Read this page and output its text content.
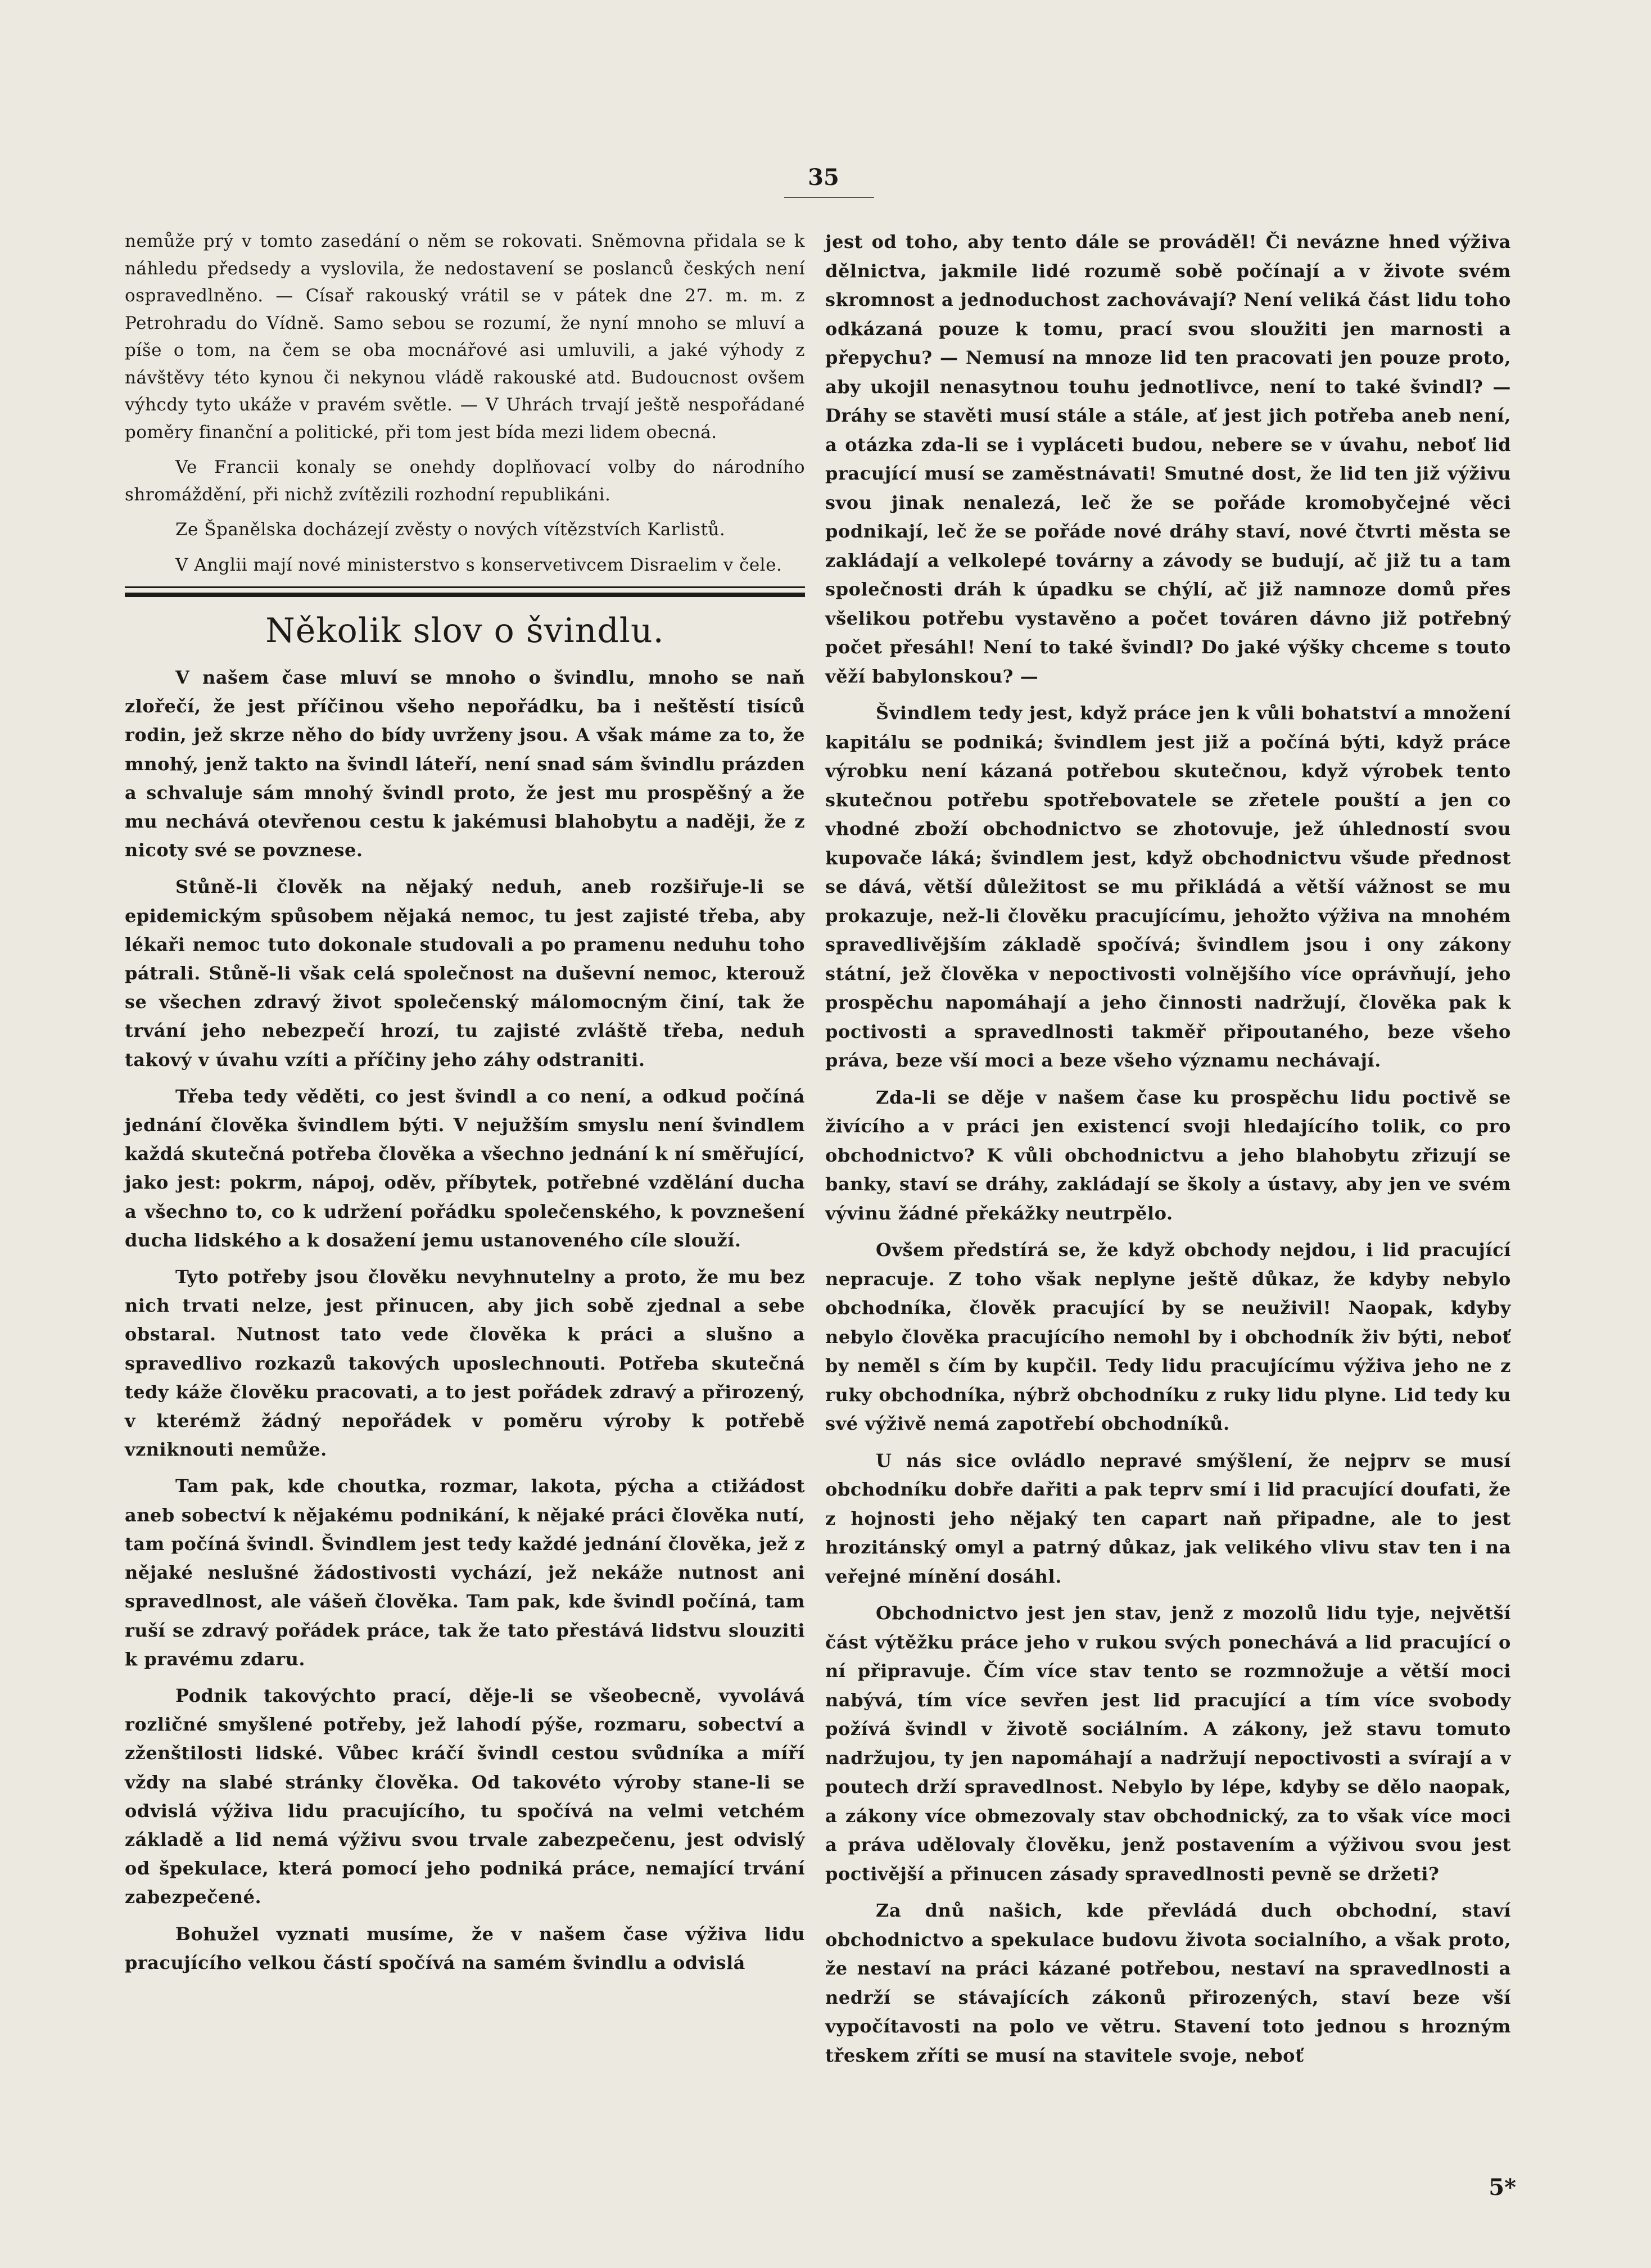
35

nemůže prý v tomto zasedání o něm se rokovati. Sněmovna přidala se k náhledu předsedy a vyslovila, že nedostavení se poslanců českých není ospravedlněno. — Císař rakouský vrátil se v pátek dne 27. m. m. z Petrohradu do Vídně. Samo sebou se rozumí, že nyní mnoho se mluví a píše o tom, na čem se oba mocnářové asi umluvili, a jaké výhody z návštěvy této kynou či nekynou vládě rakouské atd. Budoucnost ovšem výhcdy tyto ukáže v pravém světle. — V Uhrách trvají ještě nespořádané poměry finanční a politické, při tom jest bída mezi lidem obecná.

Ve Francii konaly se onehdy doplňovací volby do národního shromáždění, při nichž zvítězili rozhodní republikáni.

Ze Španělska docházejí zvěsty o nových vítězstvích Karlistů.

V Anglii mají nové ministerstvo s konservetivcem Disraelim v čele.

Několik slov o švindlu.

V našem čase mluví se mnoho o švindlu, mnoho se naň zlořečí, že jest příčinou všeho nepořádku, ba i neštěstí tisíců rodin, jež skrze něho do bídy uvrženy jsou. A však máme za to, že mnohý, jenž takto na švindl láteří, není snad sám švindlu prázden a schvaluje sám mnohý švindl proto, že jest mu prospěšný a že mu nechává otevřenou cestu k jakémusi blahobytu a naději, že z nicoty své se povznese.

Stůně-li člověk na nějaký neduh, aneb rozšiřuje-li se epidemickým spůsobem nějaká nemoc, tu jest zajisté třeba, aby lékaři nemoc tuto dokonale studovali a po pramenu neduhu toho pátrali. Stůně-li však celá společnost na duševní nemoc, kterouž se všechen zdravý život společenský málomocným činí, tak že trvání jeho nebezpečí hrozí, tu zajisté zvláště třeba, neduh takový v úvahu vzíti a příčiny jeho záhy odstraniti.

Třeba tedy věděti, co jest švindl a co není, a odkud počíná jednání člověka švindlem býti. V nejužším smyslu není švindlem každá skutečná potřeba člověka a všechno jednání k ní směřující, jako jest: pokrm, nápoj, oděv, příbytek, potřebné vzdělání ducha a všechno to, co k udržení pořádku společenského, k povznešení ducha lidského a k dosažení jemu ustanoveného cíle slouží.

Tyto potřeby jsou člověku nevyhnutelny a proto, že mu bez nich trvati nelze, jest přinucen, aby jich sobě zjednal a sebe obstaral. Nutnost tato vede člověka k práci a slušno a spravedlivo rozkazů takových uposlechnouti. Potřeba skutečná tedy káže člověku pracovati, a to jest pořádek zdravý a přirozený, v kterémž žádný nepořádek v poměru výroby k potřebě vzniknouti nemůže.

Tam pak, kde choutka, rozmar, lakota, pýcha a ctižádost aneb sobectví k nějakému podnikání, k nějaké práci člověka nutí, tam počíná švindl. Švindlem jest tedy každé jednání člověka, jež z nějaké neslušné žádostivosti vychází, jež nekáže nutnost ani spravedlnost, ale vášeň člověka. Tam pak, kde švindl počíná, tam ruší se zdravý pořádek práce, tak že tato přestává lidstvu slouziti k pravému zdaru.

Podnik takovýchto prací, děje-li se všeobecně, vyvolává rozličné smyšlené potřeby, jež lahodí pýše, rozmaru, sobectví a zženštilosti lidské. Vůbec kráčí švindl cestou svůdníka a míří vždy na slabé stránky člověka. Od takovéto výroby stane-li se odvislá výživa lidu pracujícího, tu spočívá na velmi vetchém základě a lid nemá výživu svou trvale zabezpečenu, jest odvislý od špekulace, která pomocí jeho podniká práce, nemající trvání zabezpečené.

Bohužel vyznati musíme, že v našem čase výživa lidu pracujícího velkou částí spočívá na samém švindlu a odvislá

jest od toho, aby tento dále se prováděl! Či nevázne hned výživa dělnictva, jakmile lidé rozumě sobě počínají a v živote svém skromnost a jednoduchost zachovávají? Není veliká část lidu toho odkázaná pouze k tomu, prací svou sloužiti jen marnosti a přepychu? — Nemusí na mnoze lid ten pracovati jen pouze proto, aby ukojil nenasytnou touhu jednotlivce, není to také švindl? — Dráhy se stavěti musí stále a stále, ať jest jich potřeba aneb není, a otázka zda-li se i vypláceti budou, nebere se v úvahu, neboť lid pracující musí se zaměstnávati! Smutné dost, že lid ten již výživu svou jinak nenalezá, leč že se pořáde kromobyčejné věci podnikají, leč že se pořáde nové dráhy staví, nové čtvrti města se zakládají a velkolepé továrny a závody se budují, ač již tu a tam společnosti dráh k úpadku se chýlí, ač již namnoze domů přes všelikou potřebu vystavěno a počet továren dávno již potřebný počet přesáhl! Není to také švindl? Do jaké výšky chceme s touto věží babylonskou? —

Švindlem tedy jest, když práce jen k vůli bohatství a množení kapitálu se podniká; švindlem jest již a počíná býti, když práce výrobku není kázaná potřebou skutečnou, když výrobek tento skutečnou potřebu spotřebovatele se zřetele pouští a jen co vhodné zboží obchodnictvo se zhotovuje, jež úhledností svou kupovače láká; švindlem jest, když obchodnictvu všude přednost se dává, větší důležitost se mu přikládá a větší vážnost se mu prokazuje, než-li člověku pracujícímu, jehožto výživa na mnohém spravedlivějším základě spočívá; švindlem jsou i ony zákony státní, jež člověka v nepoctivosti volnějšího více oprávňují, jeho prospěchu napomáhají a jeho činnosti nadržují, člověka pak k poctivosti a spravedlnosti takměř připoutaného, beze všeho práva, beze vší moci a beze všeho významu nechávají.

Zda-li se děje v našem čase ku prospěchu lidu poctivě se živícího a v práci jen existencí svoji hledajícího tolik, co pro obchodnictvo? K vůli obchodnictvu a jeho blahobytu zřizují se banky, staví se dráhy, zakládají se školy a ústavy, aby jen ve svém vývinu žádné překážky neutrpělo.

Ovšem předstírá se, že když obchody nejdou, i lid pracující nepracuje. Z toho však neplyne ještě důkaz, že kdyby nebylo obchodníka, člověk pracující by se neuživil! Naopak, kdyby nebylo člověka pracujícího nemohl by i obchodník živ býti, neboť by neměl s čím by kupčil. Tedy lidu pracujícímu výživa jeho ne z ruky obchodníka, nýbrž obchodníku z ruky lidu plyne. Lid tedy ku své výživě nemá zapotřebí obchodníků.

U nás sice ovládlo nepravé smýšlení, že nejprv se musí obchodníku dobře dařiti a pak teprv smí i lid pracující doufati, že z hojnosti jeho nějaký ten capart naň připadne, ale to jest hrozitánský omyl a patrný důkaz, jak velikého vlivu stav ten i na veřejné mínění dosáhl.

Obchodnictvo jest jen stav, jenž z mozolů lidu tyje, největší část výtěžku práce jeho v rukou svých ponechává a lid pracující o ní připravuje. Čím více stav tento se rozmnožuje a větší moci nabývá, tím více sevřen jest lid pracující a tím více svobody požívá švindl v životě sociálním. A zákony, jež stavu tomuto nadržujou, ty jen napomáhají a nadržují nepoctivosti a svírají a v poutech drží spravedlnost. Nebylo by lépe, kdyby se dělo naopak, a zákony více obmezovaly stav obchodnický, za to však více moci a práva udělovaly člověku, jenž postavením a výživou svou jest poctivější a přinucen zásady spravedlnosti pevně se držeti?

Za dnů našich, kde převládá duch obchodní, staví obchodnictvo a spekulace budovu života socialního, a však proto, že nestaví na práci kázané potřebou, nestaví na spravedlnosti a nedrží se stávajících zákonů přirozených, staví beze vší vypočítavosti na polo ve větru. Stavení toto jednou s hrozným třeskem zříti se musí na stavitele svoje, neboť

5*
